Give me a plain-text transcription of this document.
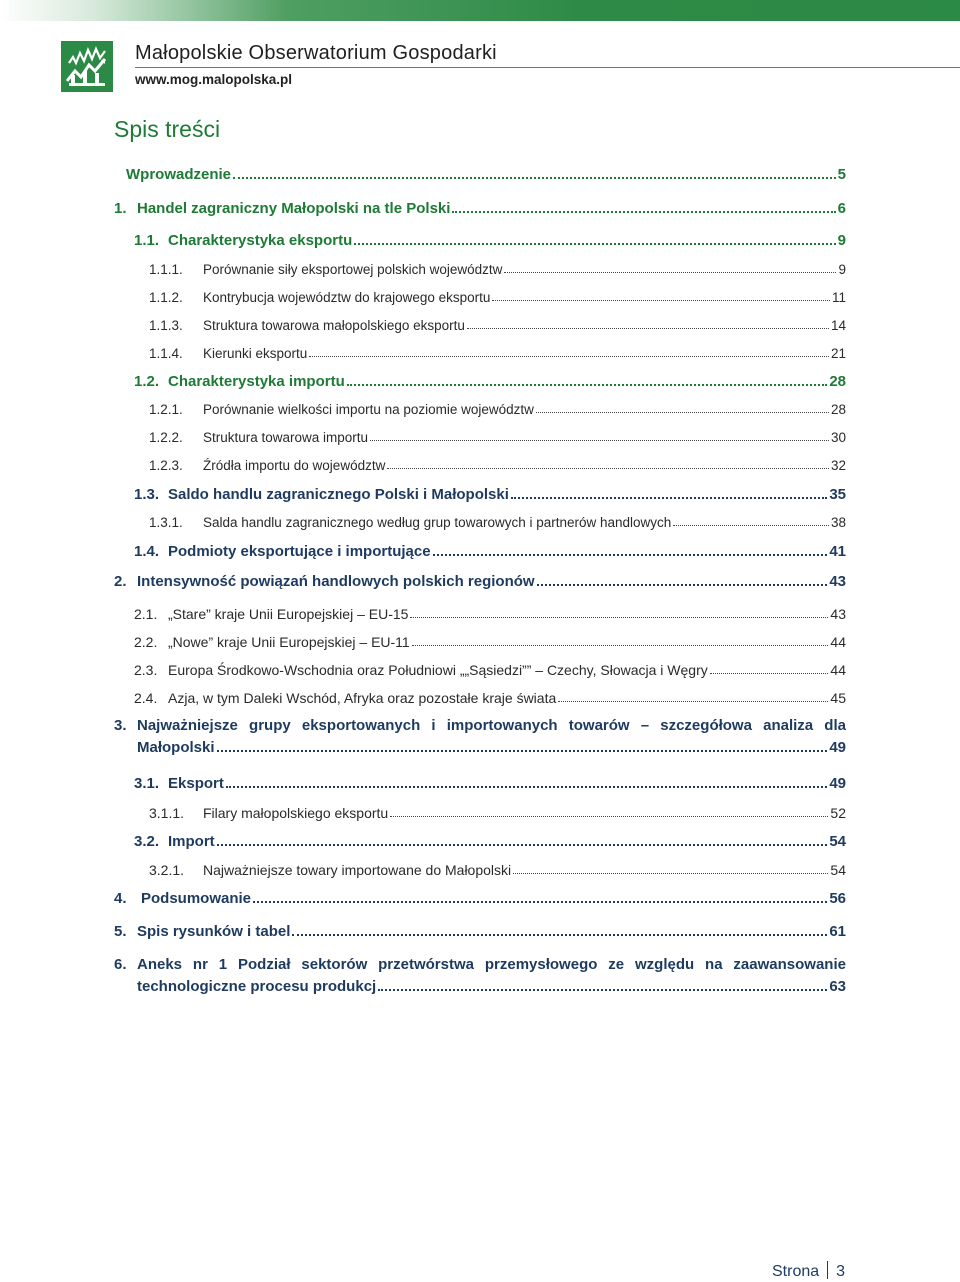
Małopolskie Obserwatorium Gospodarki
www.mog.malopolska.pl
Spis treści
Wprowadzenie	5
1. Handel zagraniczny Małopolski na tle Polski	6
1.1. Charakterystyka eksportu	9
1.1.1.	Porównanie siły eksportowej polskich województw	9
1.1.2.	Kontrybucja województw do krajowego eksportu	11
1.1.3.	Struktura towarowa małopolskiego eksportu	14
1.1.4.	Kierunki eksportu	21
1.2. Charakterystyka importu	28
1.2.1.	Porównanie wielkości importu na poziomie województw	28
1.2.2.	Struktura towarowa importu	30
1.2.3.	Źródła importu do województw	32
1.3. Saldo handlu zagranicznego Polski i Małopolski	35
1.3.1.	Salda handlu zagranicznego według grup towarowych i partnerów handlowych	38
1.4. Podmioty eksportujące i importujące	41
2. Intensywność powiązań handlowych polskich regionów	43
2.1. „Stare” kraje Unii Europejskiej – EU-15	43
2.2. „Nowe” kraje Unii Europejskiej – EU-11	44
2.3. Europa Środkowo-Wschodnia oraz Południowi „„Sąsiedzi”” – Czechy, Słowacja i Węgry	44
2.4. Azja, w tym Daleki Wschód, Afryka oraz pozostałe kraje świata	45
3. Najważniejsze grupy eksportowanych i importowanych towarów – szczegółowa analiza dla
Małopolski	49
3.1. Eksport	49
3.1.1.	Filary małopolskiego eksportu	52
3.2. Import	54
3.2.1.	Najważniejsze towary importowane do Małopolski	54
4. Podsumowanie	56
5. Spis rysunków i tabel	61
6. Aneks nr 1 Podział sektorów przetwórstwa przemysłowego ze względu na zaawansowanie
technologiczne procesu produkcj	63
Strona 3
